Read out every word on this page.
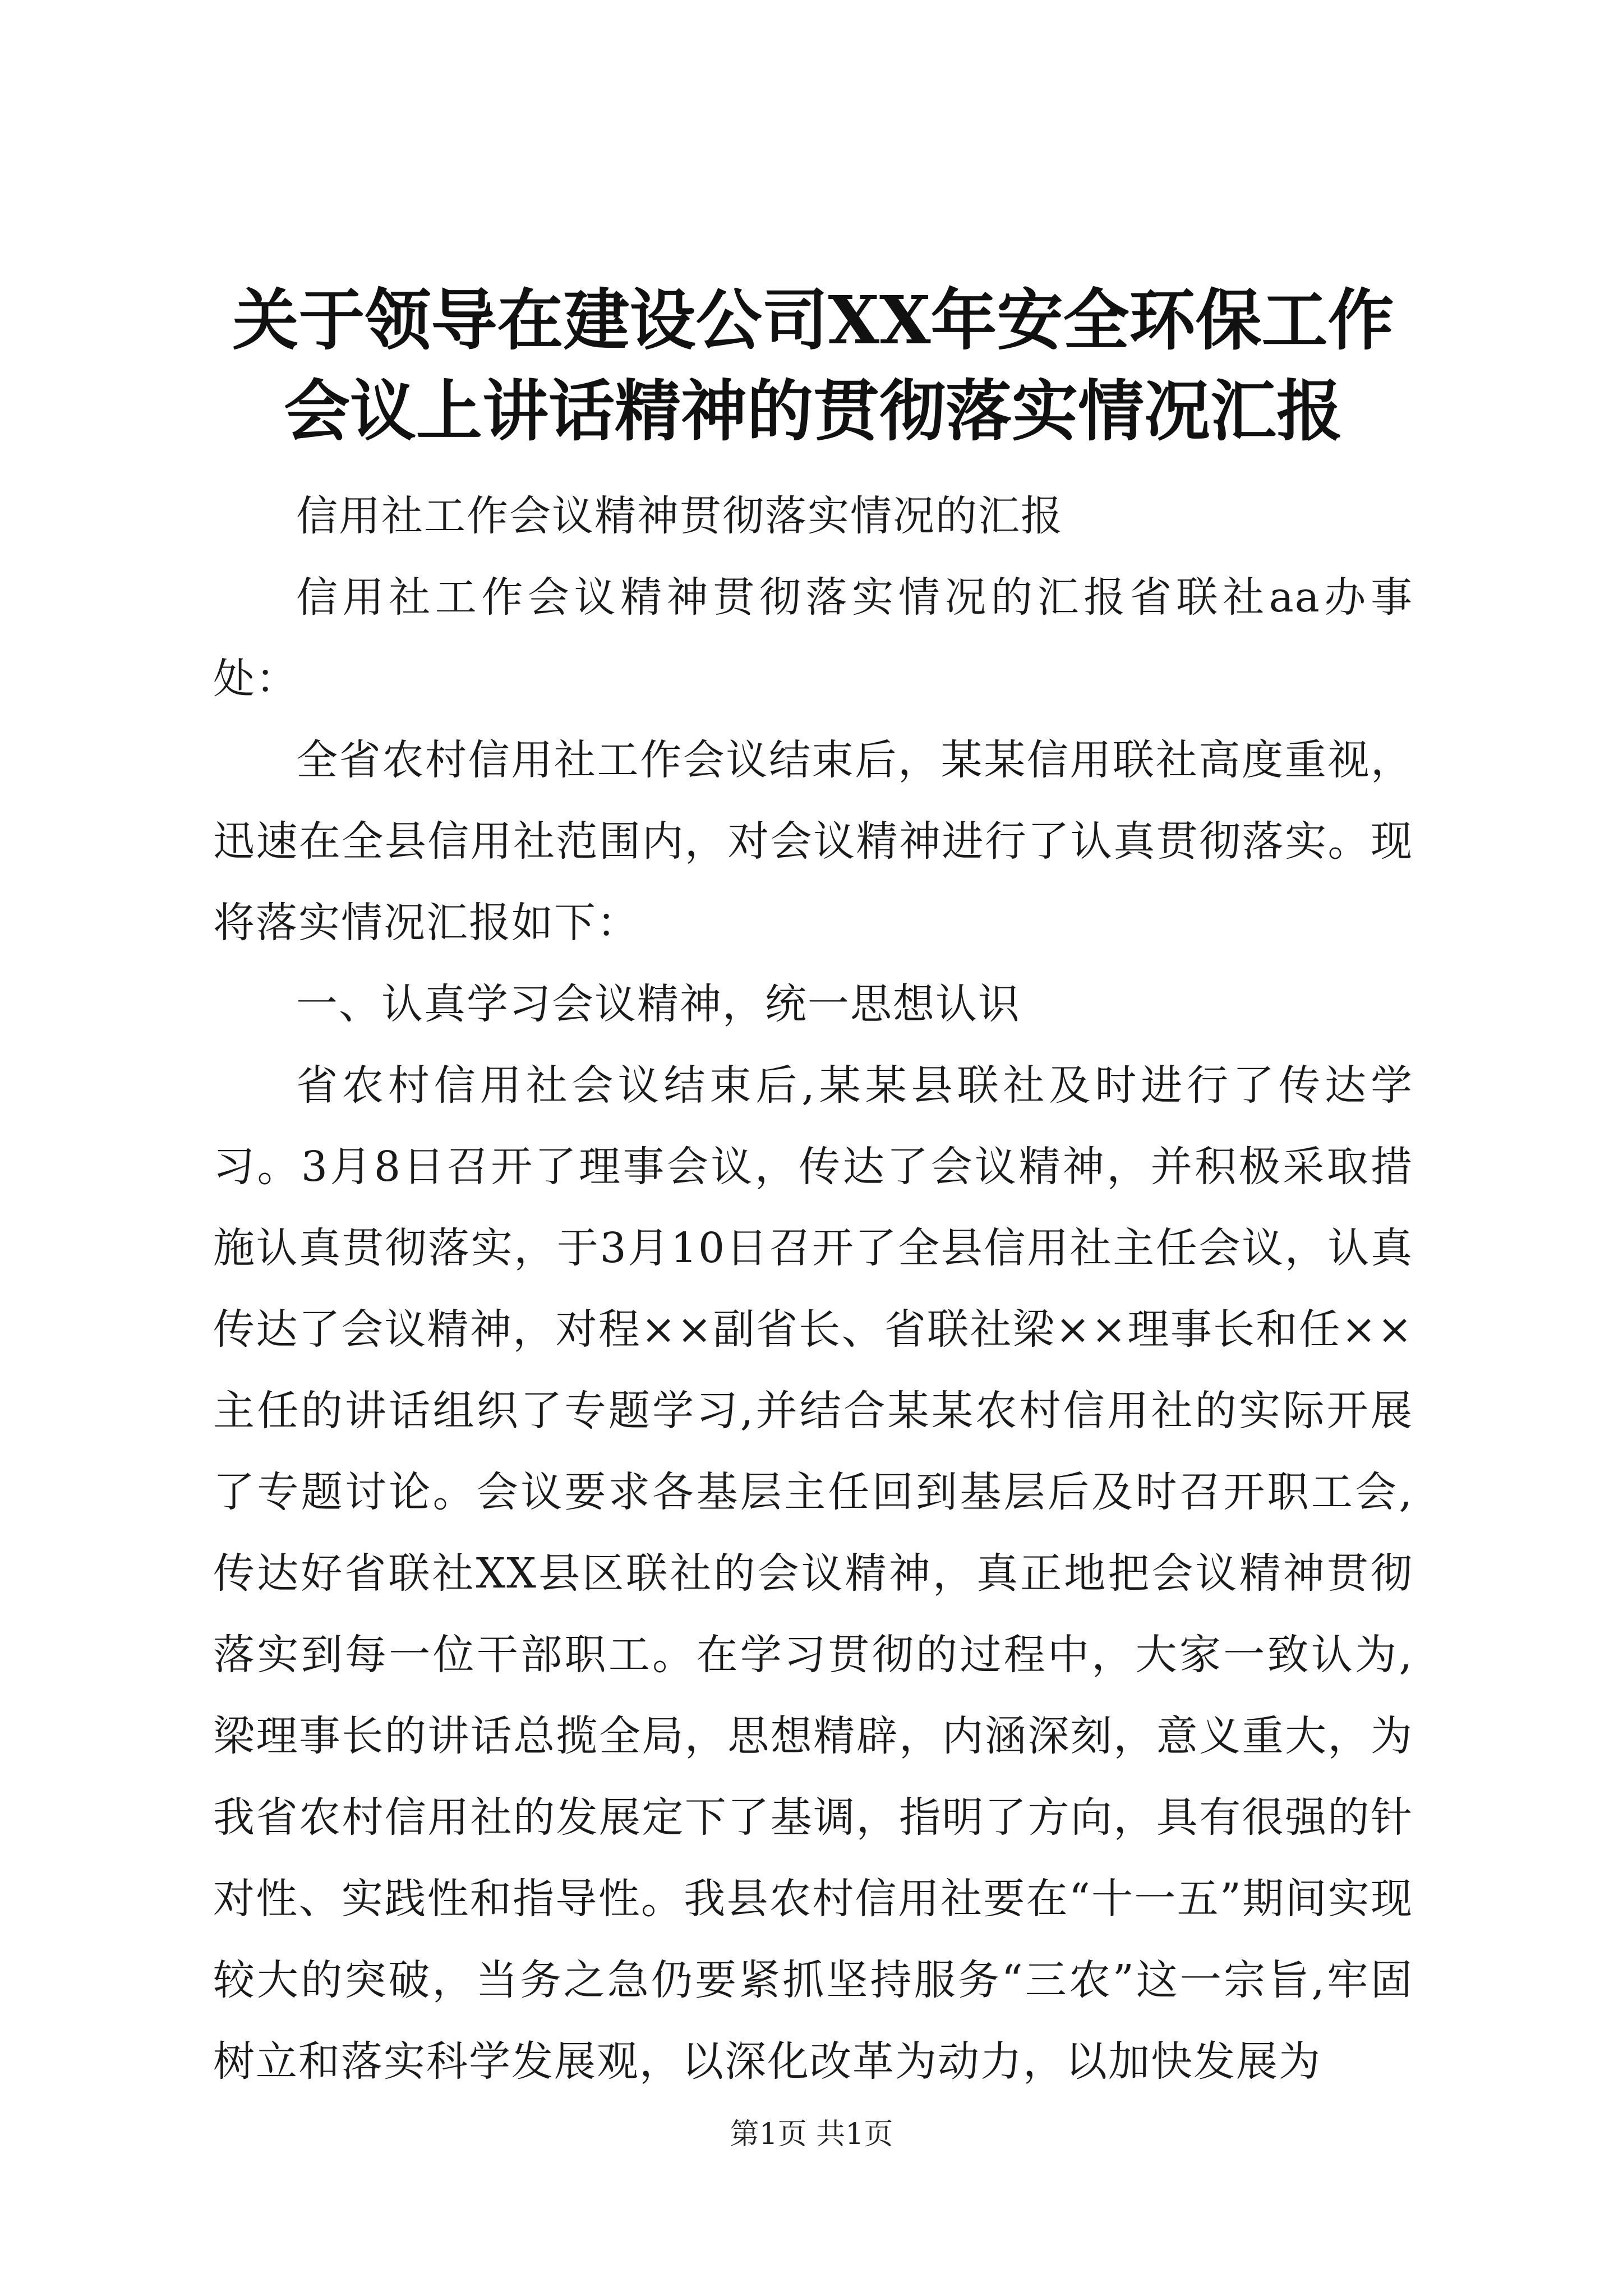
关于领导在建设公司XX年安全环保工作会议上讲话精神的贯彻落实情况汇报

信用社工作会议精神贯彻落实情况的汇报

信用社工作会议精神贯彻落实情况的汇报省联社aa办事处：

全省农村信用社工作会议结束后，某某信用联社高度重视，迅速在全县信用社范围内，对会议精神进行了认真贯彻落实。现将落实情况汇报如下：

一、认真学习会议精神，统一思想认识

省农村信用社会议结束后,某某县联社及时进行了传达学习。3月8日召开了理事会议，传达了会议精神，并积极采取措施认真贯彻落实，于3月10日召开了全县信用社主任会议，认真传达了会议精神，对程××副省长、省联社梁××理事长和任××主任的讲话组织了专题学习,并结合某某农村信用社的实际开展了专题讨论。会议要求各基层主任回到基层后及时召开职工会,传达好省联社XX县区联社的会议精神，真正地把会议精神贯彻落实到每一位干部职工。在学习贯彻的过程中，大家一致认为,梁理事长的讲话总揽全局，思想精辟，内涵深刻，意义重大，为我省农村信用社的发展定下了基调，指明了方向，具有很强的针对性、实践性和指导性。我县农村信用社要在“十一五”期间实现较大的突破，当务之急仍要紧抓坚持服务“三农”这一宗旨,牢固树立和落实科学发展观，以深化改革为动力，以加快发展为

第1页 共1页
